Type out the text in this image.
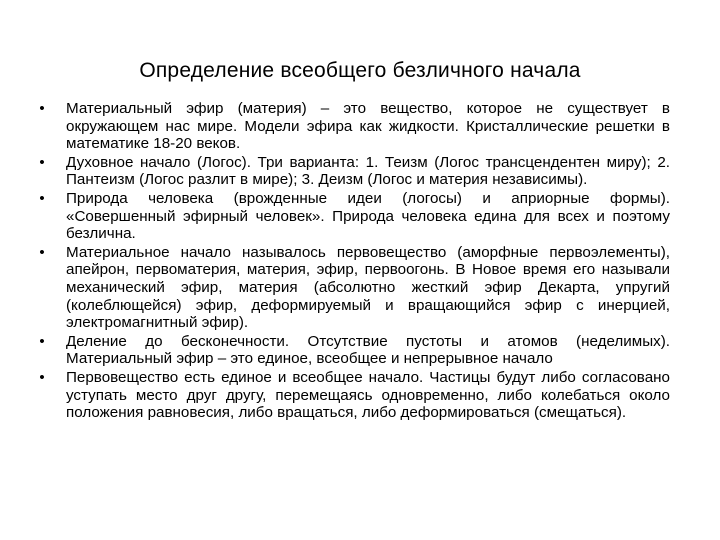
Определение всеобщего безличного начала
• Материальный эфир (материя) – это вещество, которое не существует в окружающем нас мире. Модели эфира как жидкости. Кристаллические решетки в математике 18-20 веков.
• Духовное начало (Логос). Три варианта: 1. Теизм (Логос трансцендентен миру); 2. Пантеизм (Логос разлит в мире); 3. Деизм (Логос и материя независимы).
• Природа человека (врожденные идеи (логосы) и априорные формы). «Совершенный эфирный человек». Природа человека едина для всех и поэтому безлична.
• Материальное начало называлось первовещество (аморфные первоэлементы), апейрон, первоматерия, материя, эфир, первоогонь. В Новое время его называли механический эфир, материя (абсолютно жесткий эфир Декарта, упругий (колеблющейся) эфир, деформируемый и вращающийся эфир с инерцией, электромагнитный эфир).
• Деление до бесконечности. Отсутствие пустоты и атомов (неделимых). Материальный эфир – это единое, всеобщее и непрерывное начало
• Первовещество есть единое и всеобщее начало. Частицы будут либо согласовано уступать место друг другу, перемещаясь одновременно, либо колебаться около положения равновесия, либо вращаться, либо деформироваться (смещаться).
